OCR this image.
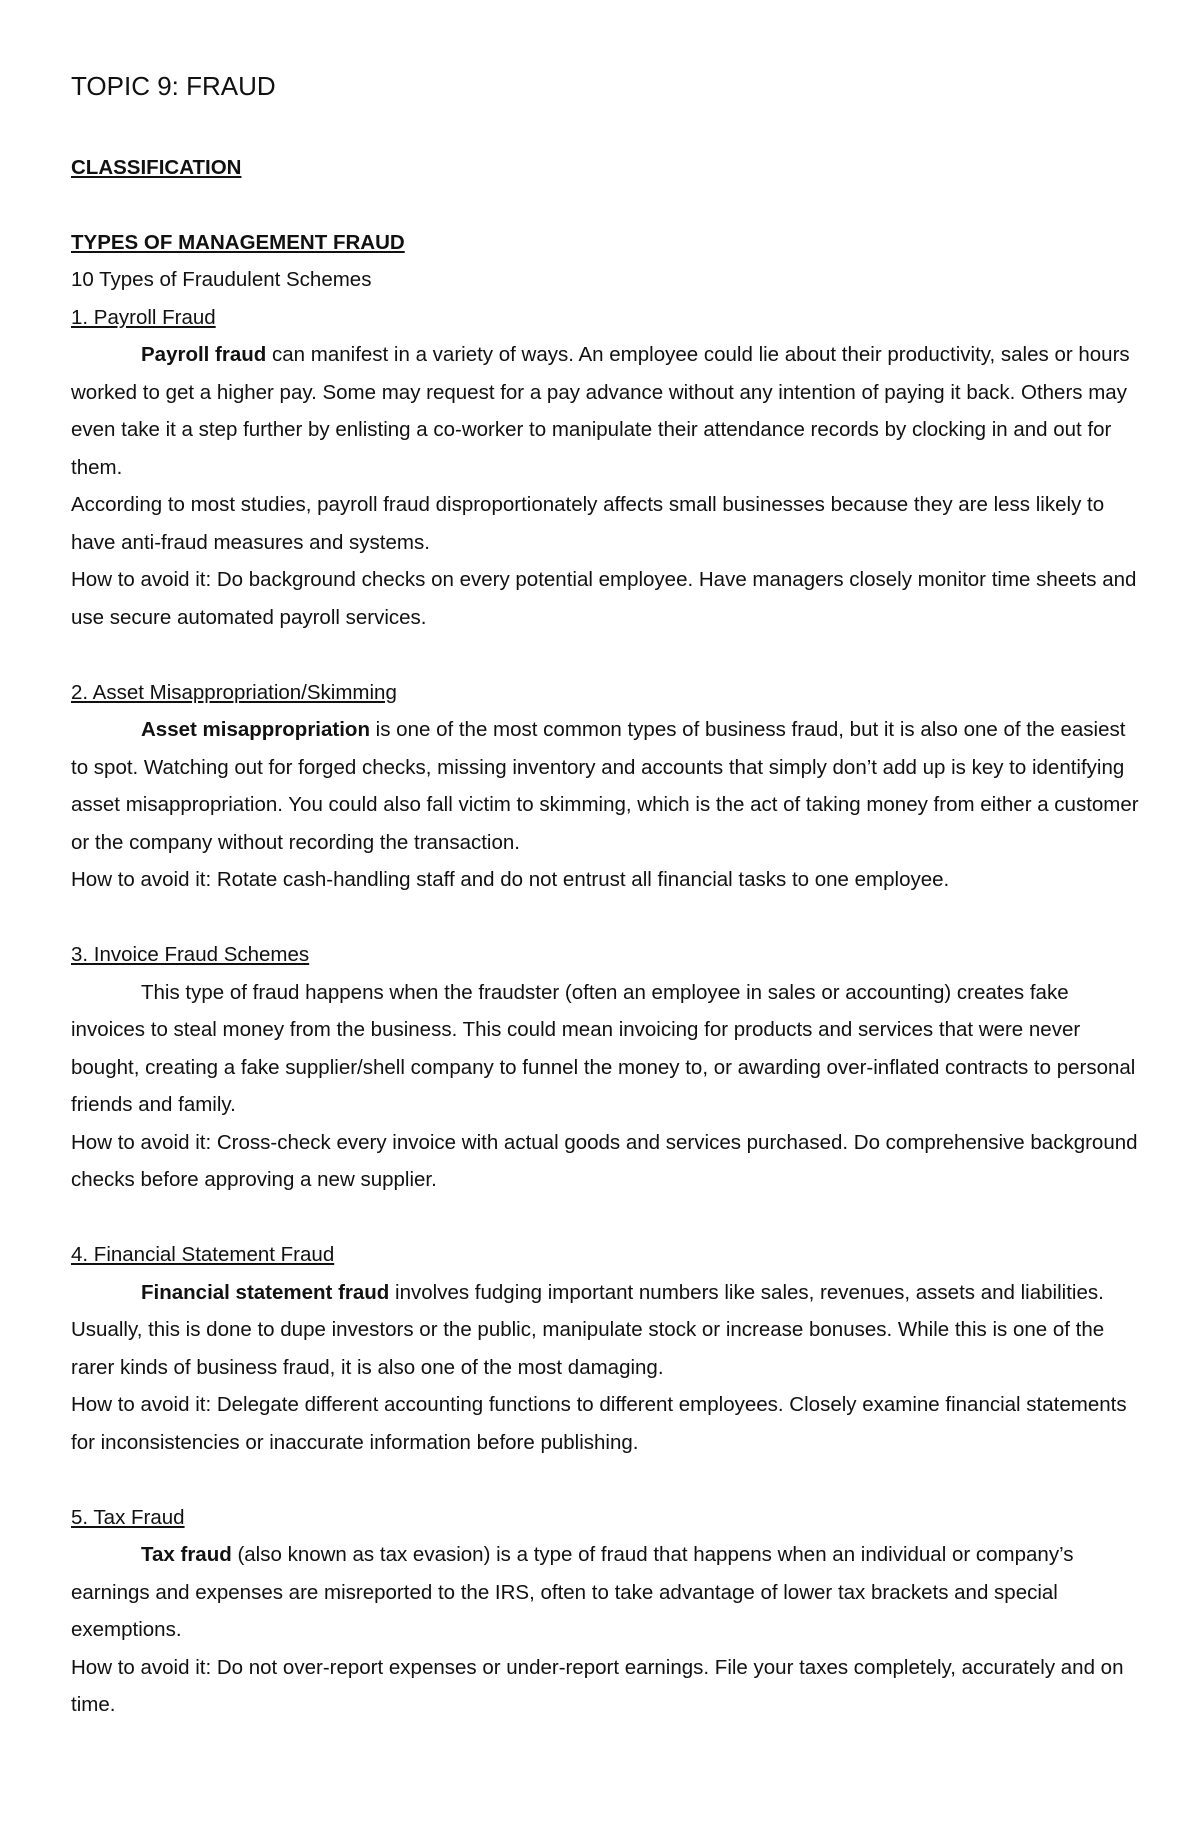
TOPIC 9: FRAUD

CLASSIFICATION

TYPES OF MANAGEMENT FRAUD

10 Types of Fraudulent Schemes

1. Payroll Fraud

Payroll fraud can manifest in a variety of ways. An employee could lie about their productivity, sales or hours worked to get a higher pay. Some may request for a pay advance without any intention of paying it back. Others may even take it a step further by enlisting a co-worker to manipulate their attendance records by clocking in and out for them.

According to most studies, payroll fraud disproportionately affects small businesses because they are less likely to have anti-fraud measures and systems.

How to avoid it: Do background checks on every potential employee. Have managers closely monitor time sheets and use secure automated payroll services.

2. Asset Misappropriation/Skimming

Asset misappropriation is one of the most common types of business fraud, but it is also one of the easiest to spot. Watching out for forged checks, missing inventory and accounts that simply don’t add up is key to identifying asset misappropriation. You could also fall victim to skimming, which is the act of taking money from either a customer or the company without recording the transaction.

How to avoid it: Rotate cash-handling staff and do not entrust all financial tasks to one employee.

3. Invoice Fraud Schemes

This type of fraud happens when the fraudster (often an employee in sales or accounting) creates fake invoices to steal money from the business. This could mean invoicing for products and services that were never bought, creating a fake supplier/shell company to funnel the money to, or awarding over-inflated contracts to personal friends and family.

How to avoid it: Cross-check every invoice with actual goods and services purchased. Do comprehensive background checks before approving a new supplier.

4. Financial Statement Fraud

Financial statement fraud involves fudging important numbers like sales, revenues, assets and liabilities. Usually, this is done to dupe investors or the public, manipulate stock or increase bonuses. While this is one of the rarer kinds of business fraud, it is also one of the most damaging.

How to avoid it: Delegate different accounting functions to different employees. Closely examine financial statements for inconsistencies or inaccurate information before publishing.

5. Tax Fraud

Tax fraud (also known as tax evasion) is a type of fraud that happens when an individual or company’s earnings and expenses are misreported to the IRS, often to take advantage of lower tax brackets and special exemptions.

How to avoid it: Do not over-report expenses or under-report earnings. File your taxes completely, accurately and on time.
